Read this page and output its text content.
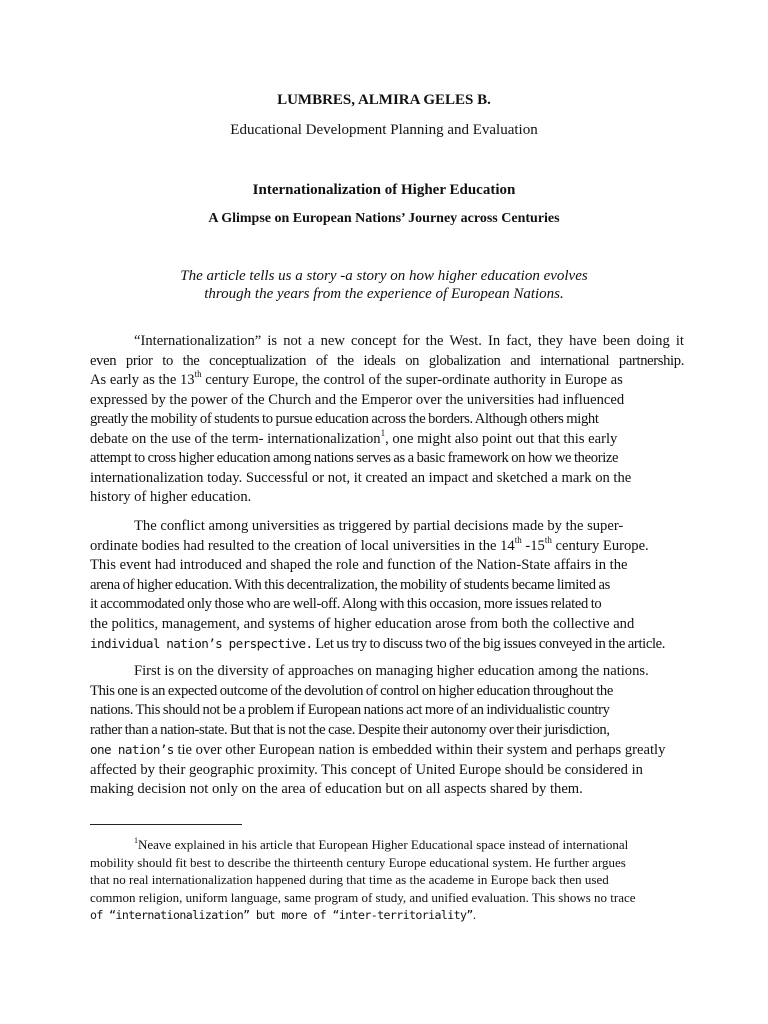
LUMBRES, ALMIRA GELES B.

Educational Development Planning and Evaluation

Internationalization of Higher Education

A Glimpse on European Nations’ Journey across Centuries

The article tells us a story -a story on how higher education evolves
through the years from the experience of European Nations.

“Internationalization” is not a new concept for the West. In fact, they have been doing it
even prior to the conceptualization of the ideals on globalization and international partnership.
As early as the 13th century Europe, the control of the super-ordinate authority in Europe as
expressed by the power of the Church and the Emperor over the universities had influenced
greatly the mobility of students to pursue education across the borders. Although others might
debate on the use of the term- internationalization$^1$, one might also point out that this early
attempt to cross higher education among nations serves as a basic framework on how we theorize
internationalization today. Successful or not, it created an impact and sketched a mark on the
history of higher education.

The conflict among universities as triggered by partial decisions made by the super-
ordinate bodies had resulted to the creation of local universities in the 14th -15th century Europe.
This event had introduced and shaped the role and function of the Nation-State affairs in the
arena of higher education. With this decentralization, the mobility of students became limited as
it accommodated only those who are well-off. Along with this occasion, more issues related to
the politics, management, and systems of higher education arose from both the collective and
individual nation’s perspective. Let us try to discuss two of the big issues conveyed in the article.

First is on the diversity of approaches on managing higher education among the nations.
This one is an expected outcome of the devolution of control on higher education throughout the
nations. This should not be a problem if European nations act more of an individualistic country
rather than a nation-state. But that is not the case. Despite their autonomy over their jurisdiction,
one nation’s tie over other European nation is embedded within their system and perhaps greatly
affected by their geographic proximity. This concept of United Europe should be considered in
making decision not only on the area of education but on all aspects shared by them.

$^1$Neave explained in his article that European Higher Educational space instead of international
mobility should fit best to describe the thirteenth century Europe educational system. He further argues
that no real internationalization happened during that time as the academe in Europe back then used
common religion, uniform language, same program of study, and unified evaluation. This shows no trace
of “internationalization” but more of “inter-territoriality”.
